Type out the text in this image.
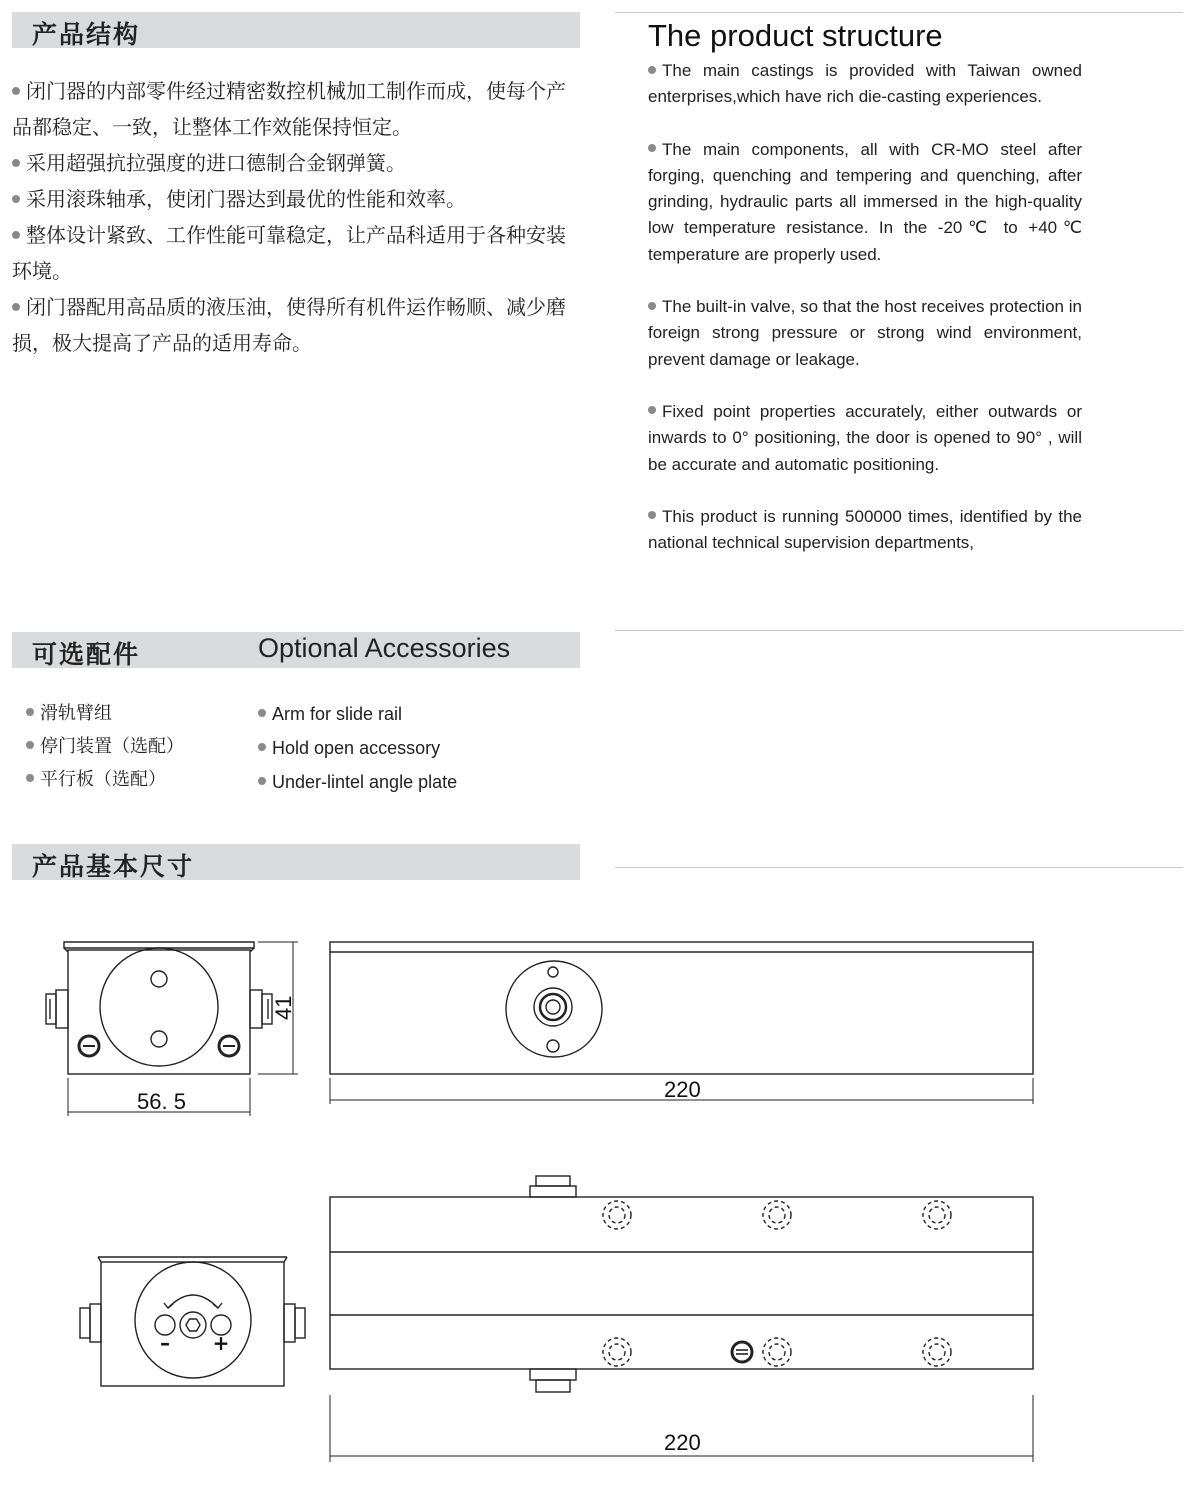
产品结构	The product structure

闭门器的内部零件经过精密数控机械加工制作而成，使每个产品都稳定、一致，让整体工作效能保持恒定。

采用超强抗拉强度的进口德制合金钢弹簧。

采用滚珠轴承，使闭门器达到最优的性能和效率。

整体设计紧致、工作性能可靠稳定，让产品科适用于各种安装环境。

闭门器配用高品质的液压油，使得所有机件运作畅顺、减少磨损，极大提高了产品的适用寿命。

The main castings is provided with Taiwan owned enterprises,which have rich die-casting experiences.

The main components, all with CR-MO steel after forging, quenching and tempering and quenching, after grinding, hydraulic parts all immersed in the high-quality low temperature resistance. In the -20℃ to +40℃ temperature are properly used.

The built-in valve, so that the host receives protection in foreign strong pressure or strong wind environment, prevent damage or leakage.

Fixed point properties accurately, either outwards or inwards to 0° positioning, the door is opened to 90° , will be accurate and automatic positioning.

This product is running 500000 times, identified by the national technical supervision departments,

可选配件	Optional Accessories
滑轨臂组
停门装置（选配）
平行板（选配）
Arm for slide rail
Hold open accessory
Under-lintel angle plate
产品基本尺寸
56. 5
41
220
– +
220
